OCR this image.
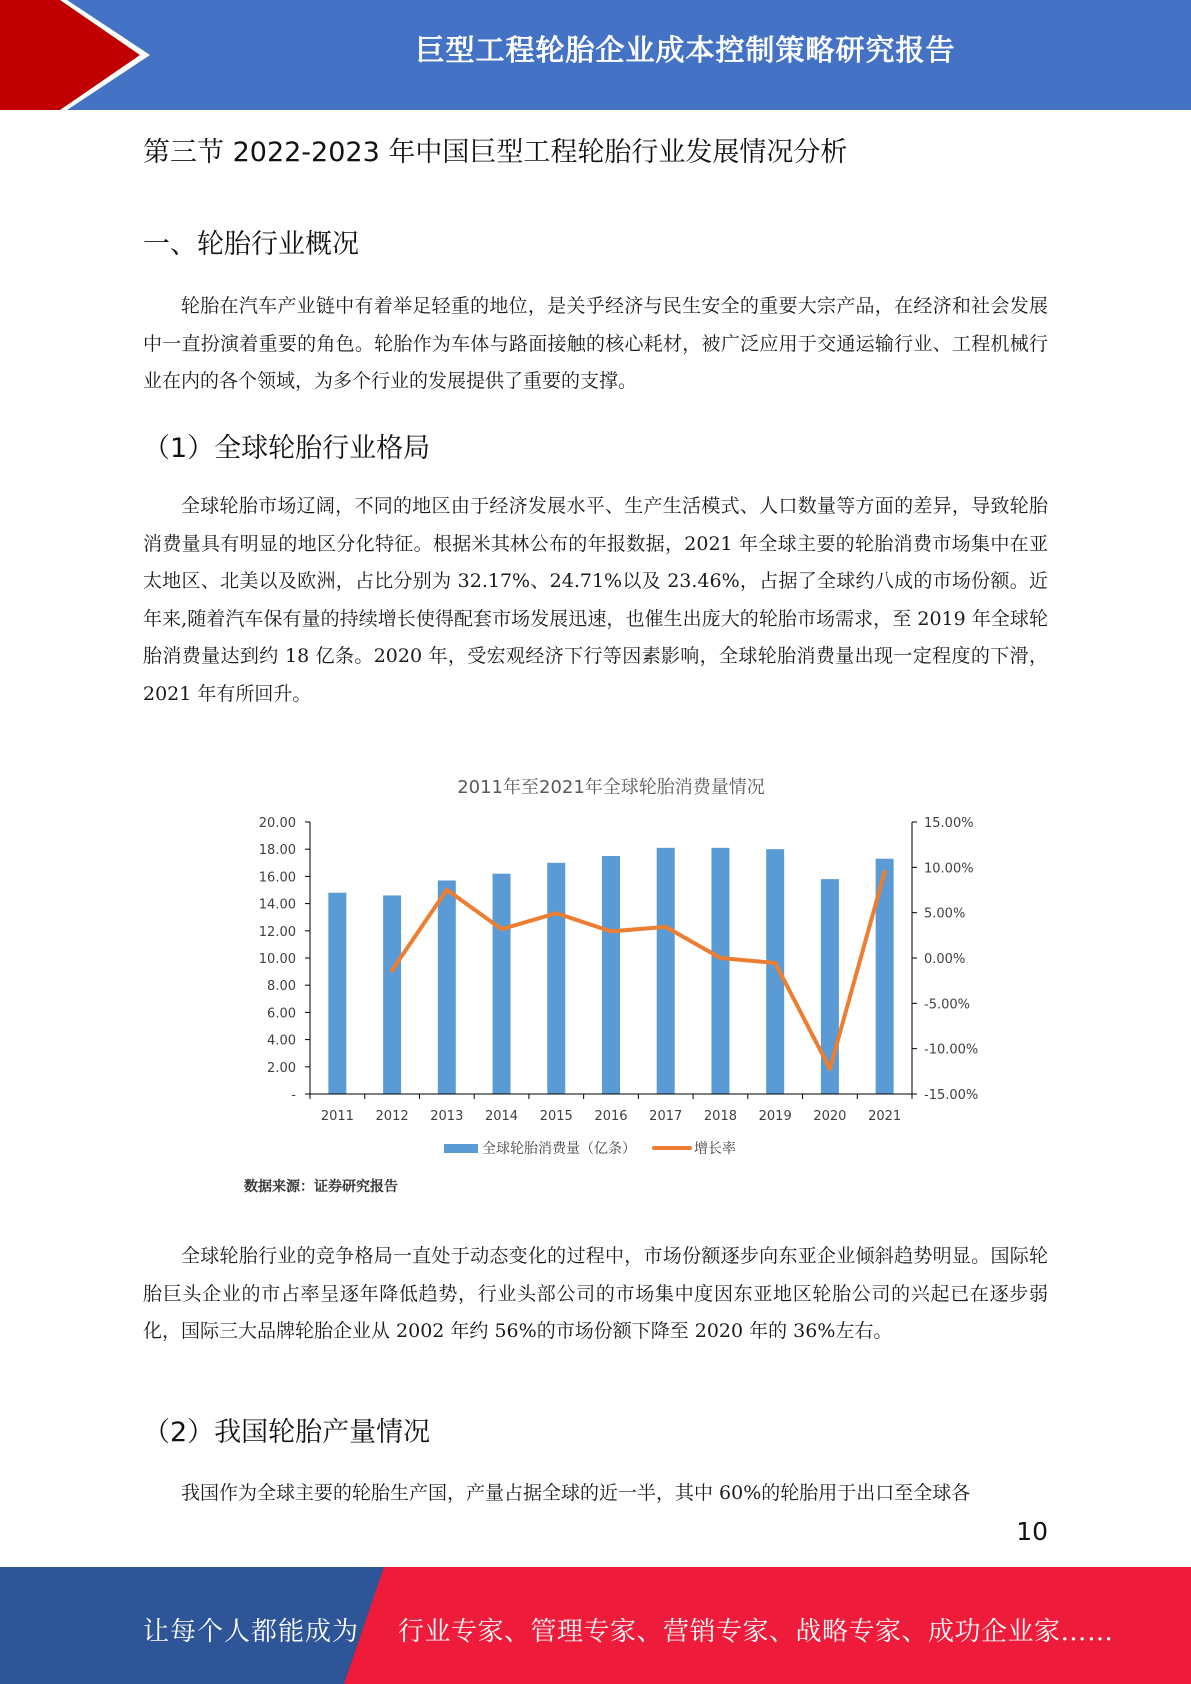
巨型工程轮胎企业成本控制策略研究报告
第三节 2022-2023 年中国巨型工程轮胎行业发展情况分析
一、轮胎行业概况

轮胎在汽车产业链中有着举足轻重的地位，是关乎经济与民生安全的重要大宗产品，在经济和社会发展中一直扮演着重要的角色。轮胎作为车体与路面接触的核心耗材，被广泛应用于交通运输行业、工程机械行业在内的各个领域，为多个行业的发展提供了重要的支撑。

（1）全球轮胎行业格局

全球轮胎市场辽阔，不同的地区由于经济发展水平、生产生活模式、人口数量等方面的差异，导致轮胎消费量具有明显的地区分化特征。根据米其林公布的年报数据，2021 年全球主要的轮胎消费市场集中在亚太地区、北美以及欧洲，占比分别为 32.17%、24.71%以及 23.46%，占据了全球约八成的市场份额。近年来,随着汽车保有量的持续增长使得配套市场发展迅速，也催生出庞大的轮胎市场需求，至 2019 年全球轮胎消费量达到约 18 亿条。2020 年，受宏观经济下行等因素影响，全球轮胎消费量出现一定程度的下滑，2021 年有所回升。

2011年至2021年全球轮胎消费量情况
-
2.00
4.00
6.00
8.00
10.00
12.00
14.00
16.00
18.00
20.00
-15.00%
-10.00%
-5.00%
0.00%
5.00%
10.00%
15.00%
2011 2012 2013 2014 2015 2016 2017 2018 2019 2020 2021
全球轮胎消费量（亿条）	增长率
数据来源：证券研究报告

全球轮胎行业的竞争格局一直处于动态变化的过程中，市场份额逐步向东亚企业倾斜趋势明显。国际轮胎巨头企业的市占率呈逐年降低趋势，行业头部公司的市场集中度因东亚地区轮胎公司的兴起已在逐步弱化，国际三大品牌轮胎企业从 2002 年约 56%的市场份额下降至 2020 年的 36%左右。

（2）我国轮胎产量情况

我国作为全球主要的轮胎生产国，产量占据全球的近一半，其中 60%的轮胎用于出口至全球各

10
让每个人都能成为 行业专家、管理专家、营销专家、战略专家、成功企业家……
